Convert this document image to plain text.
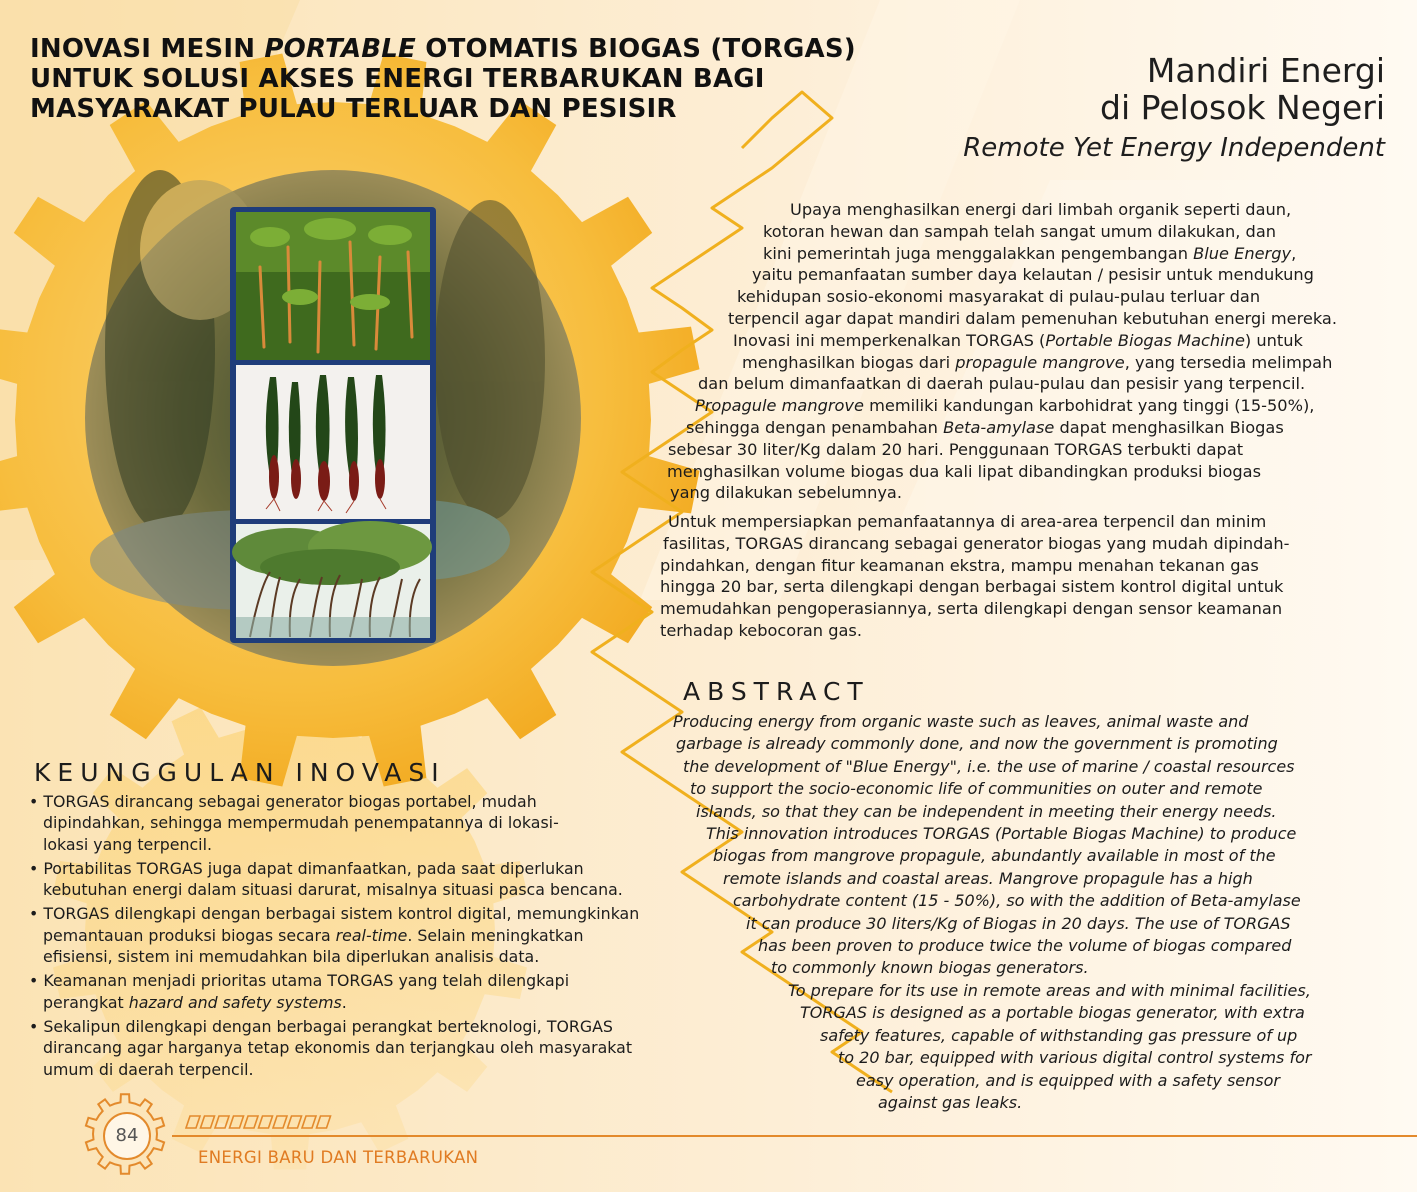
INOVASI MESIN PORTABLE OTOMATIS BIOGAS (TORGAS)
UNTUK SOLUSI AKSES ENERGI TERBARUKAN BAGI
MASYARAKAT PULAU TERLUAR DAN PESISIR
Mandiri Energi
di Pelosok Negeri
Remote Yet Energy Independent
Upaya menghasilkan energi dari limbah organik seperti daun,
kotoran hewan dan sampah telah sangat umum dilakukan, dan
kini pemerintah juga menggalakkan pengembangan Blue Energy,
yaitu pemanfaatan sumber daya kelautan / pesisir untuk mendukung
kehidupan sosio-ekonomi masyarakat di pulau-pulau terluar dan
terpencil agar dapat mandiri dalam pemenuhan kebutuhan energi mereka.
Inovasi ini memperkenalkan TORGAS (Portable Biogas Machine) untuk
menghasilkan biogas dari propagule mangrove, yang tersedia melimpah
dan belum dimanfaatkan di daerah pulau-pulau dan pesisir yang terpencil.
Propagule mangrove memiliki kandungan karbohidrat yang tinggi (15-50%),
sehingga dengan penambahan Beta-amylase dapat menghasilkan Biogas
sebesar 30 liter/Kg dalam 20 hari. Penggunaan TORGAS terbukti dapat
menghasilkan volume biogas dua kali lipat dibandingkan produksi biogas
yang dilakukan sebelumnya.
Untuk mempersiapkan pemanfaatannya di area-area terpencil dan minim
fasilitas, TORGAS dirancang sebagai generator biogas yang mudah dipindah-
pindahkan, dengan fitur keamanan ekstra, mampu menahan tekanan gas
hingga 20 bar, serta dilengkapi dengan berbagai sistem kontrol digital untuk
memudahkan pengoperasiannya, serta dilengkapi dengan sensor keamanan
terhadap kebocoran gas.
ABSTRACT
Producing energy from organic waste such as leaves, animal waste and
garbage is already commonly done, and now the government is promoting
the development of "Blue Energy", i.e. the use of marine / coastal resources
to support the socio-economic life of communities on outer and remote
islands, so that they can be independent in meeting their energy needs.
This innovation introduces TORGAS (Portable Biogas Machine) to produce
biogas from mangrove propagule, abundantly available in most of the
remote islands and coastal areas. Mangrove propagule has a high
carbohydrate content (15 - 50%), so with the addition of Beta-amylase
it can produce 30 liters/Kg of Biogas in 20 days. The use of TORGAS
has been proven to produce twice the volume of biogas compared
to commonly known biogas generators.
To prepare for its use in remote areas and with minimal facilities,
TORGAS is designed as a portable biogas generator, with extra
safety features, capable of withstanding gas pressure of up
to 20 bar, equipped with various digital control systems for
easy operation, and is equipped with a safety sensor
against gas leaks.
KEUNGGULAN INOVASI
• TORGAS dirancang sebagai generator biogas portabel, mudah
dipindahkan, sehingga mempermudah penempatannya di lokasi-
lokasi yang terpencil.
• Portabilitas TORGAS juga dapat dimanfaatkan, pada saat diperlukan
kebutuhan energi dalam situasi darurat, misalnya situasi pasca bencana.
• TORGAS dilengkapi dengan berbagai sistem kontrol digital, memungkinkan
pemantauan produksi biogas secara real-time. Selain meningkatkan
efisiensi, sistem ini memudahkan bila diperlukan analisis data.
• Keamanan menjadi prioritas utama TORGAS yang telah dilengkapi
perangkat hazard and safety systems.
• Sekalipun dilengkapi dengan berbagai perangkat berteknologi, TORGAS
dirancang agar harganya tetap ekonomis dan terjangkau oleh masyarakat
umum di daerah terpencil.
84
ENERGI BARU DAN TERBARUKAN
